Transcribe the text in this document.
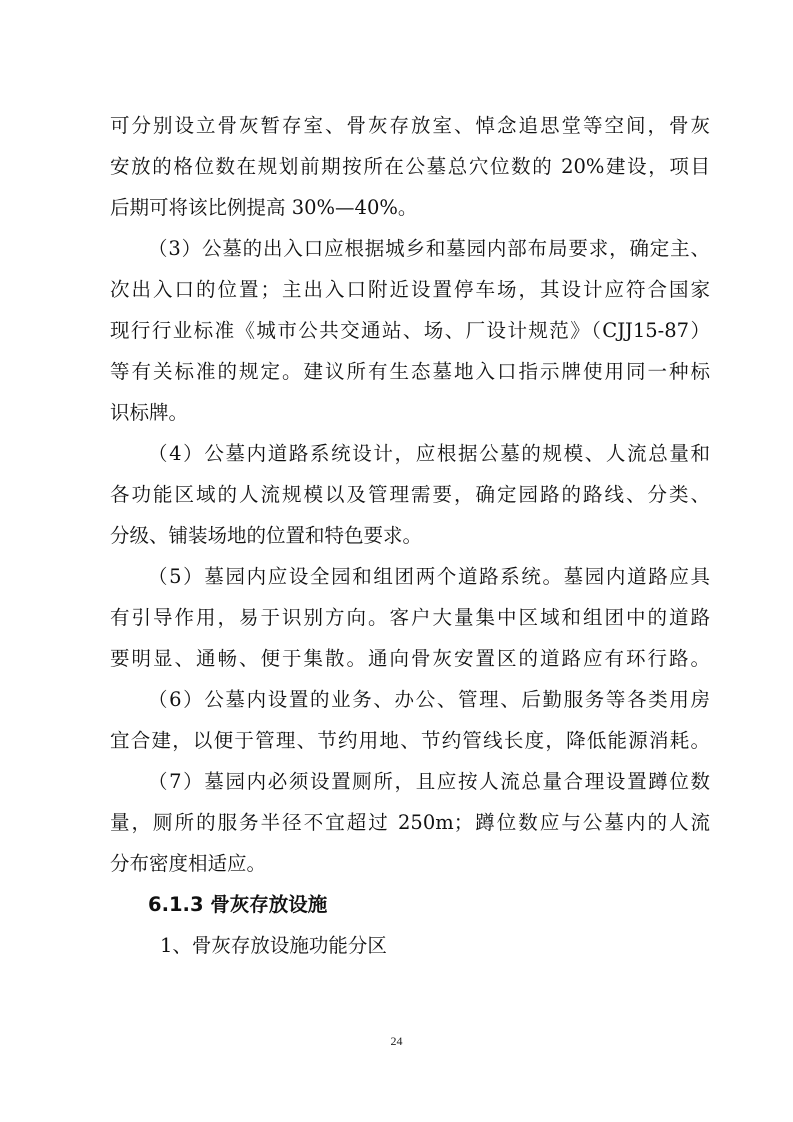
可分别设立骨灰暂存室、骨灰存放室、悼念追思堂等空间，骨灰
安放的格位数在规划前期按所在公墓总穴位数的 20%建设，项目
后期可将该比例提高 30%—40%。
（3）公墓的出入口应根据城乡和墓园内部布局要求，确定主、
次出入口的位置；主出入口附近设置停车场，其设计应符合国家
现行行业标准《城市公共交通站、场、厂设计规范》（CJJ15-87）
等有关标准的规定。建议所有生态墓地入口指示牌使用同一种标
识标牌。
（4）公墓内道路系统设计，应根据公墓的规模、人流总量和
各功能区域的人流规模以及管理需要，确定园路的路线、分类、
分级、铺装场地的位置和特色要求。
（5）墓园内应设全园和组团两个道路系统。墓园内道路应具
有引导作用，易于识别方向。客户大量集中区域和组团中的道路
要明显、通畅、便于集散。通向骨灰安置区的道路应有环行路。
（6）公墓内设置的业务、办公、管理、后勤服务等各类用房
宜合建，以便于管理、节约用地、节约管线长度，降低能源消耗。
（7）墓园内必须设置厕所，且应按人流总量合理设置蹲位数
量，厕所的服务半径不宜超过 250m；蹲位数应与公墓内的人流
分布密度相适应。
6.1.3 骨灰存放设施
1、骨灰存放设施功能分区
24
